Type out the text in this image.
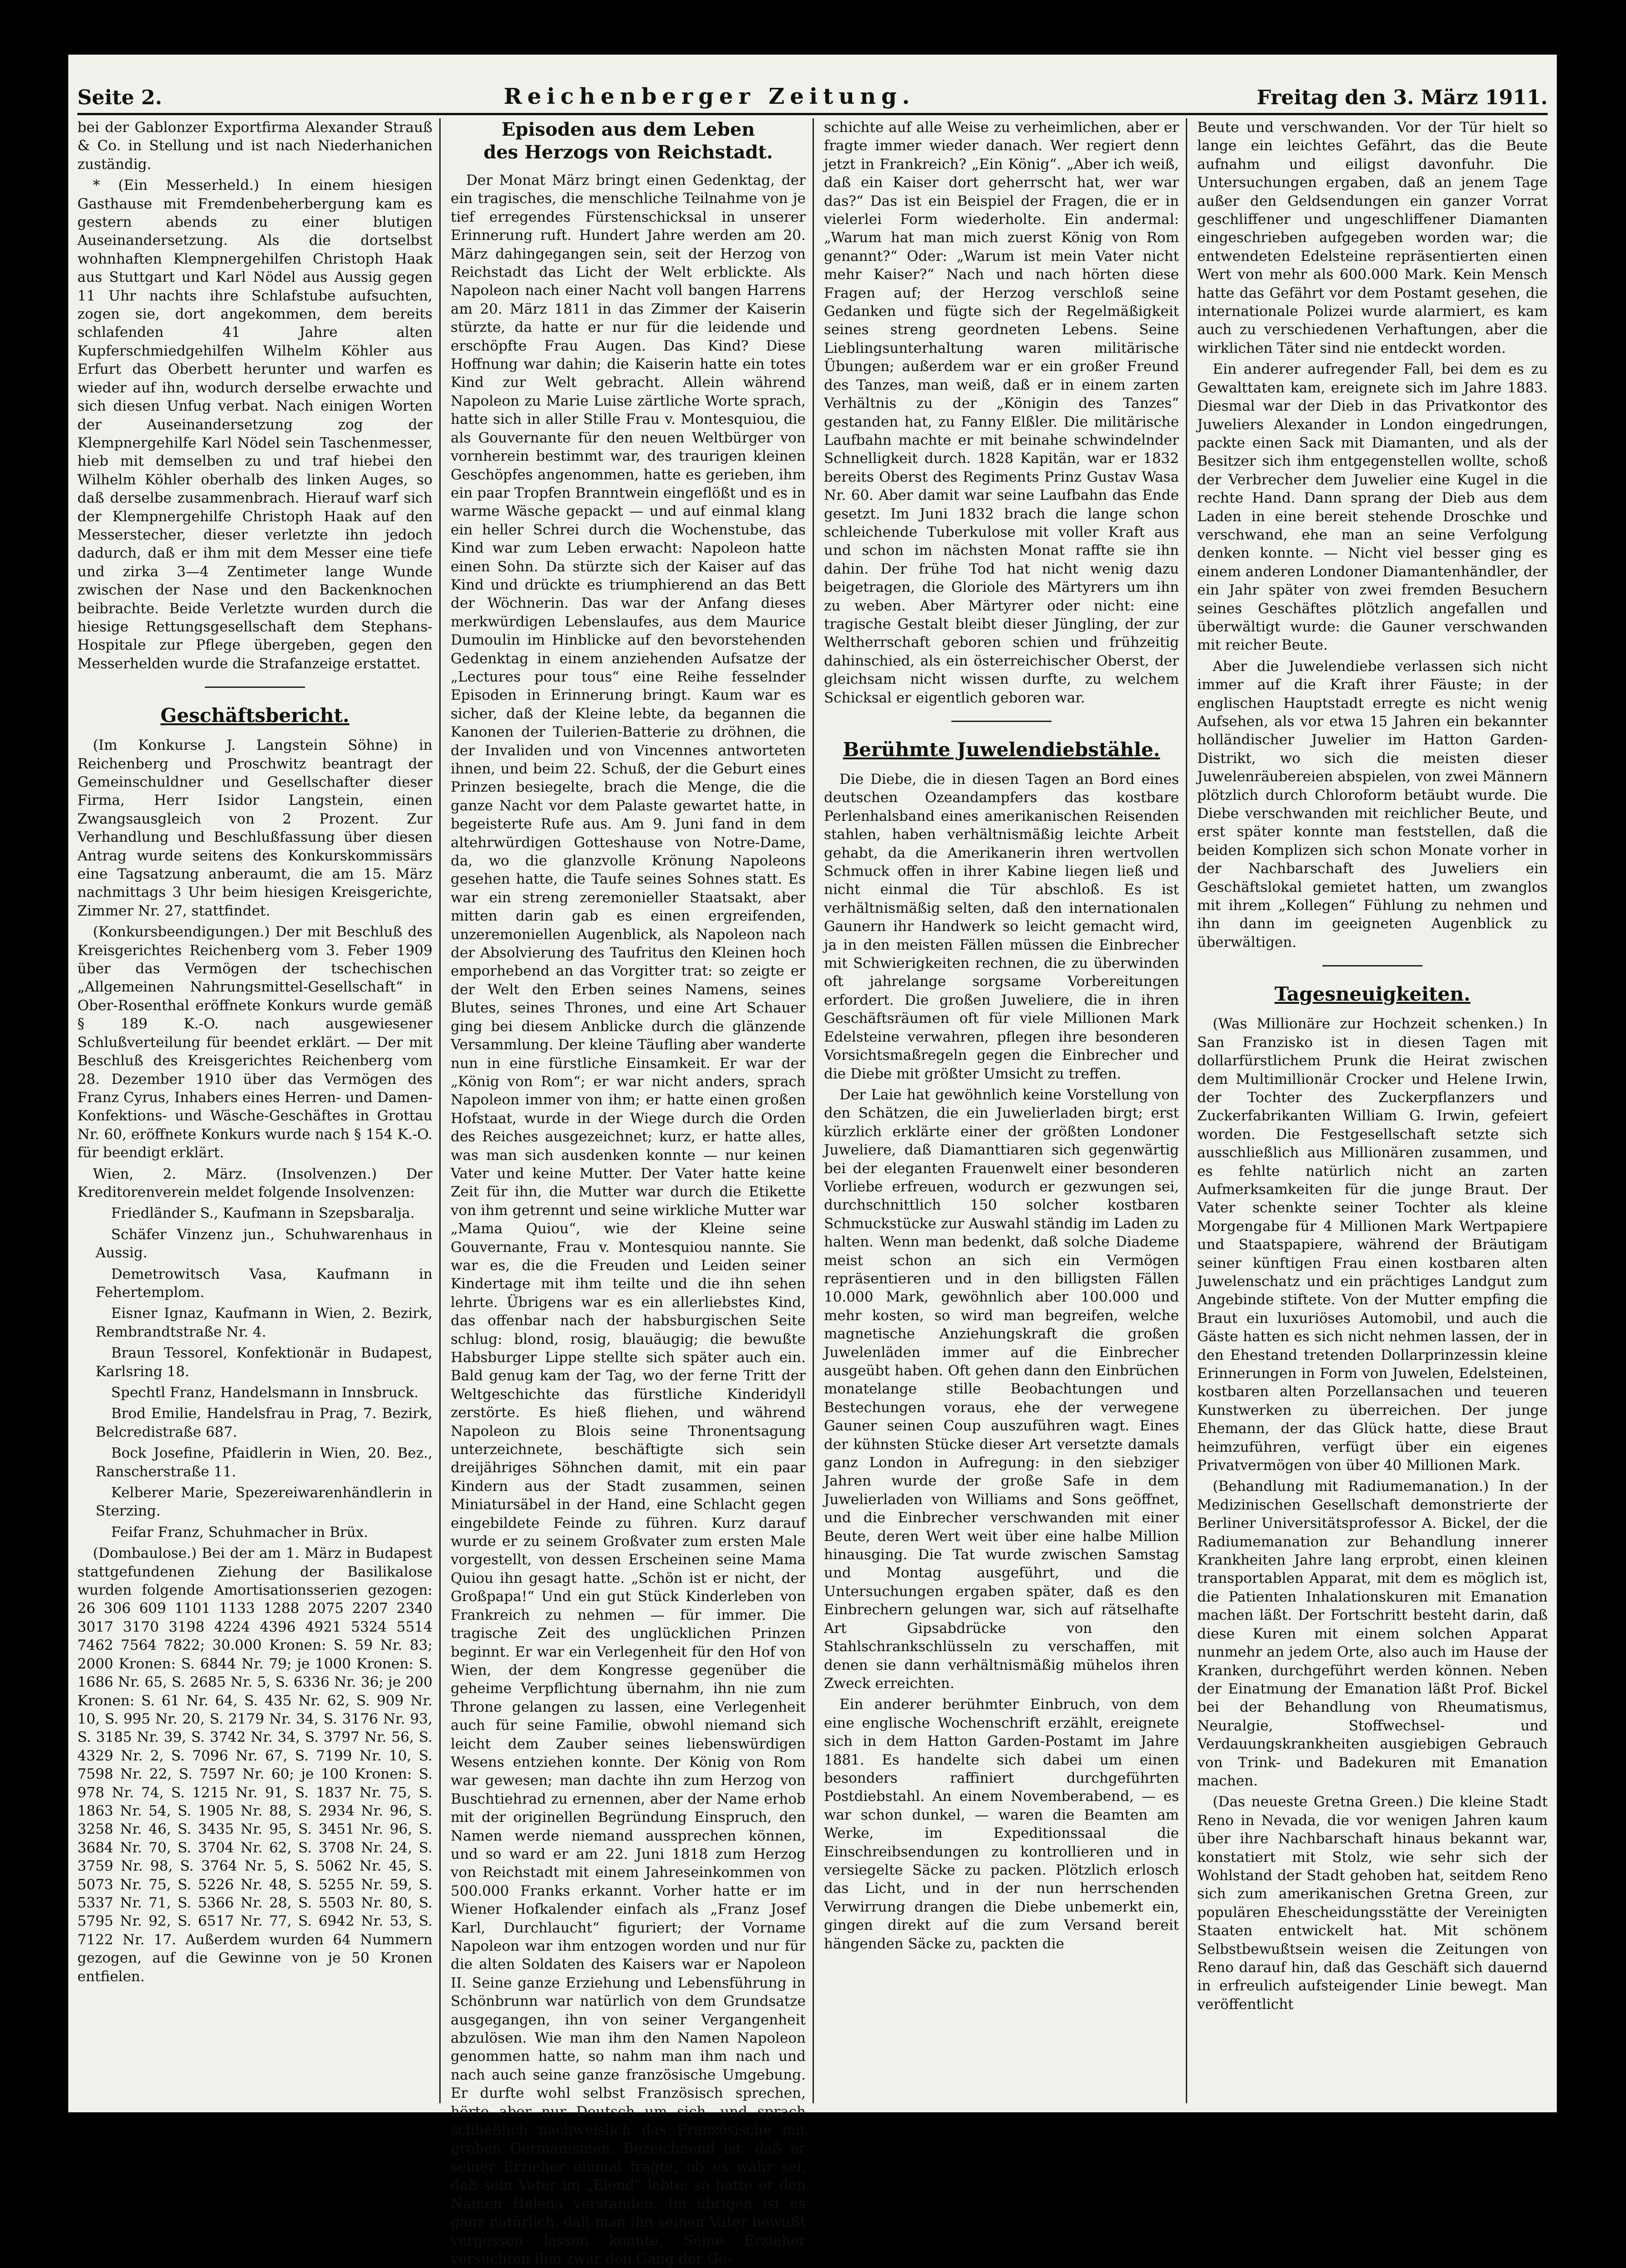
Seite 2.	Reichenberger Zeitung.	Freitag den 3. März 1911.

bei der Gablonzer Exportfirma Alexander Strauß & Co. in Stellung und ist nach Niederhanichen zuständig.

* (Ein Messerheld.) In einem hiesigen Gasthause mit Fremdenbeherbergung kam es gestern abends zu einer blutigen Auseinandersetzung. Als die dortselbst wohnhaften Klempnergehilfen Christoph Haak aus Stuttgart und Karl Nödel aus Aussig gegen 11 Uhr nachts ihre Schlafstube aufsuchten, zogen sie, dort angekommen, dem bereits schlafenden 41 Jahre alten Kupferschmiedgehilfen Wilhelm Köhler aus Erfurt das Oberbett herunter und warfen es wieder auf ihn, wodurch derselbe erwachte und sich diesen Unfug verbat. Nach einigen Worten der Auseinandersetzung zog der Klempnergehilfe Karl Nödel sein Taschenmesser, hieb mit demselben zu und traf hiebei den Wilhelm Köhler oberhalb des linken Auges, so daß derselbe zusammenbrach. Hierauf warf sich der Klempnergehilfe Christoph Haak auf den Messerstecher, dieser verletzte ihn jedoch dadurch, daß er ihm mit dem Messer eine tiefe und zirka 3—4 Zentimeter lange Wunde zwischen der Nase und den Backenknochen beibrachte. Beide Verletzte wurden durch die hiesige Rettungsgesellschaft dem Stephans-Hospitale zur Pflege übergeben, gegen den Messerhelden wurde die Strafanzeige erstattet.

Geschäftsbericht.

(Im Konkurse J. Langstein Söhne) in Reichenberg und Proschwitz beantragt der Gemeinschuldner und Gesellschafter dieser Firma, Herr Isidor Langstein, einen Zwangsausgleich von 2 Prozent. Zur Verhandlung und Beschlußfassung über diesen Antrag wurde seitens des Konkurskommissärs eine Tagsatzung anberaumt, die am 15. März nachmittags 3 Uhr beim hiesigen Kreisgerichte, Zimmer Nr. 27, stattfindet.

(Konkursbeendigungen.) Der mit Beschluß des Kreisgerichtes Reichenberg vom 3. Feber 1909 über das Vermögen der tschechischen „Allgemeinen Nahrungsmittel-Gesellschaft“ in Ober-Rosenthal eröffnete Konkurs wurde gemäß § 189 K.-O. nach ausgewiesener Schlußverteilung für beendet erklärt. — Der mit Beschluß des Kreisgerichtes Reichenberg vom 28. Dezember 1910 über das Vermögen des Franz Cyrus, Inhabers eines Herren- und Damen-Konfektions- und Wäsche-Geschäftes in Grottau Nr. 60, eröffnete Konkurs wurde nach § 154 K.-O. für beendigt erklärt.

Wien, 2. März. (Insolvenzen.) Der Kreditorenverein meldet folgende Insolvenzen:

Friedländer S., Kaufmann in Szepsbaralja.

Schäfer Vinzenz jun., Schuhwarenhaus in Aussig.

Demetrowitsch Vasa, Kaufmann in Fehertemplom.

Eisner Ignaz, Kaufmann in Wien, 2. Bezirk, Rembrandtstraße Nr. 4.

Braun Tessorel, Konfektionär in Budapest, Karlsring 18.

Spechtl Franz, Handelsmann in Innsbruck.

Brod Emilie, Handelsfrau in Prag, 7. Bezirk, Belcredistraße 687.

Bock Josefine, Pfaidlerin in Wien, 20. Bez., Ranscherstraße 11.

Kelberer Marie, Spezereiwarenhändlerin in Sterzing.

Feifar Franz, Schuhmacher in Brüx.

(Dombaulose.) Bei der am 1. März in Budapest stattgefundenen Ziehung der Basilikalose wurden folgende Amortisationsserien gezogen: 26 306 609 1101 1133 1288 2075 2207 2340 3017 3170 3198 4224 4396 4921 5324 5514 7462 7564 7822; 30.000 Kronen: S. 59 Nr. 83; 2000 Kronen: S. 6844 Nr. 79; je 1000 Kronen: S. 1686 Nr. 65, S. 2685 Nr. 5, S. 6336 Nr. 36; je 200 Kronen: S. 61 Nr. 64, S. 435 Nr. 62, S. 909 Nr. 10, S. 995 Nr. 20, S. 2179 Nr. 34, S. 3176 Nr. 93, S. 3185 Nr. 39, S. 3742 Nr. 34, S. 3797 Nr. 56, S. 4329 Nr. 2, S. 7096 Nr. 67, S. 7199 Nr. 10, S. 7598 Nr. 22, S. 7597 Nr. 60; je 100 Kronen: S. 978 Nr. 74, S. 1215 Nr. 91, S. 1837 Nr. 75, S. 1863 Nr. 54, S. 1905 Nr. 88, S. 2934 Nr. 96, S. 3258 Nr. 46, S. 3435 Nr. 95, S. 3451 Nr. 96, S. 3684 Nr. 70, S. 3704 Nr. 62, S. 3708 Nr. 24, S. 3759 Nr. 98, S. 3764 Nr. 5, S. 5062 Nr. 45, S. 5073 Nr. 75, S. 5226 Nr. 48, S. 5255 Nr. 59, S. 5337 Nr. 71, S. 5366 Nr. 28, S. 5503 Nr. 80, S. 5795 Nr. 92, S. 6517 Nr. 77, S. 6942 Nr. 53, S. 7122 Nr. 17. Außerdem wurden 64 Nummern gezogen, auf die Gewinne von je 50 Kronen entfielen.

Episoden aus dem Leben
des Herzogs von Reichstadt.

Der Monat März bringt einen Gedenktag, der ein tragisches, die menschliche Teilnahme von je tief erregendes Fürstenschicksal in unserer Erinnerung ruft. Hundert Jahre werden am 20. März dahingegangen sein, seit der Herzog von Reichstadt das Licht der Welt erblickte. Als Napoleon nach einer Nacht voll bangen Harrens am 20. März 1811 in das Zimmer der Kaiserin stürzte, da hatte er nur für die leidende und erschöpfte Frau Augen. Das Kind? Diese Hoffnung war dahin; die Kaiserin hatte ein totes Kind zur Welt gebracht. Allein während Napoleon zu Marie Luise zärtliche Worte sprach, hatte sich in aller Stille Frau v. Montesquiou, die als Gouvernante für den neuen Weltbürger von vornherein bestimmt war, des traurigen kleinen Geschöpfes angenommen, hatte es gerieben, ihm ein paar Tropfen Branntwein eingeflößt und es in warme Wäsche gepackt — und auf einmal klang ein heller Schrei durch die Wochenstube, das Kind war zum Leben erwacht: Napoleon hatte einen Sohn. Da stürzte sich der Kaiser auf das Kind und drückte es triumphierend an das Bett der Wöchnerin. Das war der Anfang dieses merkwürdigen Lebenslaufes, aus dem Maurice Dumoulin im Hinblicke auf den bevorstehenden Gedenktag in einem anziehenden Aufsatze der „Lectures pour tous“ eine Reihe fesselnder Episoden in Erinnerung bringt. Kaum war es sicher, daß der Kleine lebte, da begannen die Kanonen der Tuilerien-Batterie zu dröhnen, die der Invaliden und von Vincennes antworteten ihnen, und beim 22. Schuß, der die Geburt eines Prinzen besiegelte, brach die Menge, die die ganze Nacht vor dem Palaste gewartet hatte, in begeisterte Rufe aus. Am 9. Juni fand in dem altehrwürdigen Gotteshause von Notre-Dame, da, wo die glanzvolle Krönung Napoleons gesehen hatte, die Taufe seines Sohnes statt. Es war ein streng zeremonieller Staatsakt, aber mitten darin gab es einen ergreifenden, unzeremoniellen Augenblick, als Napoleon nach der Absolvierung des Taufritus den Kleinen hoch emporhebend an das Vorgitter trat: so zeigte er der Welt den Erben seines Namens, seines Blutes, seines Thrones, und eine Art Schauer ging bei diesem Anblicke durch die glänzende Versammlung. Der kleine Täufling aber wanderte nun in eine fürstliche Einsamkeit. Er war der „König von Rom“; er war nicht anders, sprach Napoleon immer von ihm; er hatte einen großen Hofstaat, wurde in der Wiege durch die Orden des Reiches ausgezeichnet; kurz, er hatte alles, was man sich ausdenken konnte — nur keinen Vater und keine Mutter. Der Vater hatte keine Zeit für ihn, die Mutter war durch die Etikette von ihm getrennt und seine wirkliche Mutter war „Mama Quiou“, wie der Kleine seine Gouvernante, Frau v. Montesquiou nannte. Sie war es, die die Freuden und Leiden seiner Kindertage mit ihm teilte und die ihn sehen lehrte. Übrigens war es ein allerliebstes Kind, das offenbar nach der habsburgischen Seite schlug: blond, rosig, blauäugig; die bewußte Habsburger Lippe stellte sich später auch ein. Bald genug kam der Tag, wo der ferne Tritt der Weltgeschichte das fürstliche Kinderidyll zerstörte. Es hieß fliehen, und während Napoleon zu Blois seine Thronentsagung unterzeichnete, beschäftigte sich sein dreijähriges Söhnchen damit, mit ein paar Kindern aus der Stadt zusammen, seinen Miniatursäbel in der Hand, eine Schlacht gegen eingebildete Feinde zu führen. Kurz darauf wurde er zu seinem Großvater zum ersten Male vorgestellt, von dessen Erscheinen seine Mama Quiou ihn gesagt hatte. „Schön ist er nicht, der Großpapa!“ Und ein gut Stück Kinderleben von Frankreich zu nehmen — für immer. Die tragische Zeit des unglücklichen Prinzen beginnt. Er war ein Verlegenheit für den Hof von Wien, der dem Kongresse gegenüber die geheime Verpflichtung übernahm, ihn nie zum Throne gelangen zu lassen, eine Verlegenheit auch für seine Familie, obwohl niemand sich leicht dem Zauber seines liebenswürdigen Wesens entziehen konnte. Der König von Rom war gewesen; man dachte ihn zum Herzog von Buschtiehrad zu ernennen, aber der Name erhob mit der originellen Begründung Einspruch, den Namen werde niemand aussprechen können, und so ward er am 22. Juni 1818 zum Herzog von Reichstadt mit einem Jahreseinkommen von 500.000 Franks erkannt. Vorher hatte er im Wiener Hofkalender einfach als „Franz Josef Karl, Durchlaucht“ figuriert; der Vorname Napoleon war ihm entzogen worden und nur für die alten Soldaten des Kaisers war er Napoleon II. Seine ganze Erziehung und Lebensführung in Schönbrunn war natürlich von dem Grundsatze ausgegangen, ihn von seiner Vergangenheit abzulösen. Wie man ihm den Namen Napoleon genommen hatte, so nahm man ihm nach und nach auch seine ganze französische Umgebung. Er durfte wohl selbst Französisch sprechen, hörte aber nur Deutsch um sich, und sprach schließlich nachweislich das Französische mit groben Germanismen. Bezeichnend ist, daß er seiner Erzieher einmal fragte, ob es wahr sei, daß sein Vater im „Elend“ lebte: so hatte er den Namen Helena verstanden. Im übrigen ist es ganz natürlich, daß man ihn seinen Vater bewußt vergessen lassen konnte. Seine Erzieher versuchten ihm zwar den Gang der Ge-

schichte auf alle Weise zu verheimlichen, aber er fragte immer wieder danach. Wer regiert denn jetzt in Frankreich? „Ein König“. „Aber ich weiß, daß ein Kaiser dort geherrscht hat, wer war das?“ Das ist ein Beispiel der Fragen, die er in vielerlei Form wiederholte. Ein andermal: „Warum hat man mich zuerst König von Rom genannt?“ Oder: „Warum ist mein Vater nicht mehr Kaiser?“ Nach und nach hörten diese Fragen auf; der Herzog verschloß seine Gedanken und fügte sich der Regelmäßigkeit seines streng geordneten Lebens. Seine Lieblingsunterhaltung waren militärische Übungen; außerdem war er ein großer Freund des Tanzes, man weiß, daß er in einem zarten Verhältnis zu der „Königin des Tanzes“ gestanden hat, zu Fanny Elßler. Die militärische Laufbahn machte er mit beinahe schwindelnder Schnelligkeit durch. 1828 Kapitän, war er 1832 bereits Oberst des Regiments Prinz Gustav Wasa Nr. 60. Aber damit war seine Laufbahn das Ende gesetzt. Im Juni 1832 brach die lange schon schleichende Tuberkulose mit voller Kraft aus und schon im nächsten Monat raffte sie ihn dahin. Der frühe Tod hat nicht wenig dazu beigetragen, die Gloriole des Märtyrers um ihn zu weben. Aber Märtyrer oder nicht: eine tragische Gestalt bleibt dieser Jüngling, der zur Weltherrschaft geboren schien und frühzeitig dahinschied, als ein österreichischer Oberst, der gleichsam nicht wissen durfte, zu welchem Schicksal er eigentlich geboren war.

Berühmte Juwelendiebstähle.

Die Diebe, die in diesen Tagen an Bord eines deutschen Ozeandampfers das kostbare Perlenhalsband eines amerikanischen Reisenden stahlen, haben verhältnismäßig leichte Arbeit gehabt, da die Amerikanerin ihren wertvollen Schmuck offen in ihrer Kabine liegen ließ und nicht einmal die Tür abschloß. Es ist verhältnismäßig selten, daß den internationalen Gaunern ihr Handwerk so leicht gemacht wird, ja in den meisten Fällen müssen die Einbrecher mit Schwierigkeiten rechnen, die zu überwinden oft jahrelange sorgsame Vorbereitungen erfordert. Die großen Juweliere, die in ihren Geschäftsräumen oft für viele Millionen Mark Edelsteine verwahren, pflegen ihre besonderen Vorsichtsmaßregeln gegen die Einbrecher und die Diebe mit größter Umsicht zu treffen.

Der Laie hat gewöhnlich keine Vorstellung von den Schätzen, die ein Juwelierladen birgt; erst kürzlich erklärte einer der größten Londoner Juweliere, daß Diamanttiaren sich gegenwärtig bei der eleganten Frauenwelt einer besonderen Vorliebe erfreuen, wodurch er gezwungen sei, durchschnittlich 150 solcher kostbaren Schmuckstücke zur Auswahl ständig im Laden zu halten. Wenn man bedenkt, daß solche Diademe meist schon an sich ein Vermögen repräsentieren und in den billigsten Fällen 10.000 Mark, gewöhnlich aber 100.000 und mehr kosten, so wird man begreifen, welche magnetische Anziehungskraft die großen Juwelenläden immer auf die Einbrecher ausgeübt haben. Oft gehen dann den Einbrüchen monatelange stille Beobachtungen und Bestechungen voraus, ehe der verwegene Gauner seinen Coup auszuführen wagt. Eines der kühnsten Stücke dieser Art versetzte damals ganz London in Aufregung: in den siebziger Jahren wurde der große Safe in dem Juwelierladen von Williams and Sons geöffnet, und die Einbrecher verschwanden mit einer Beute, deren Wert weit über eine halbe Million hinausging. Die Tat wurde zwischen Samstag und Montag ausgeführt, und die Untersuchungen ergaben später, daß es den Einbrechern gelungen war, sich auf rätselhafte Art Gipsabdrücke von den Stahlschrankschlüsseln zu verschaffen, mit denen sie dann verhältnismäßig mühelos ihren Zweck erreichten.

Ein anderer berühmter Einbruch, von dem eine englische Wochenschrift erzählt, ereignete sich in dem Hatton Garden-Postamt im Jahre 1881. Es handelte sich dabei um einen besonders raffiniert durchgeführten Postdiebstahl. An einem Novemberabend, — es war schon dunkel, — waren die Beamten am Werke, im Expeditionssaal die Einschreibsendungen zu kontrollieren und in versiegelte Säcke zu packen. Plötzlich erlosch das Licht, und in der nun herrschenden Verwirrung drangen die Diebe unbemerkt ein, gingen direkt auf die zum Versand bereit hängenden Säcke zu, packten die

Beute und verschwanden. Vor der Tür hielt so lange ein leichtes Gefährt, das die Beute aufnahm und eiligst davonfuhr. Die Untersuchungen ergaben, daß an jenem Tage außer den Geldsendungen ein ganzer Vorrat geschliffener und ungeschliffener Diamanten eingeschrieben aufgegeben worden war; die entwendeten Edelsteine repräsentierten einen Wert von mehr als 600.000 Mark. Kein Mensch hatte das Gefährt vor dem Postamt gesehen, die internationale Polizei wurde alarmiert, es kam auch zu verschiedenen Verhaftungen, aber die wirklichen Täter sind nie entdeckt worden.

Ein anderer aufregender Fall, bei dem es zu Gewalttaten kam, ereignete sich im Jahre 1883. Diesmal war der Dieb in das Privatkontor des Juweliers Alexander in London eingedrungen, packte einen Sack mit Diamanten, und als der Besitzer sich ihm entgegenstellen wollte, schoß der Verbrecher dem Juwelier eine Kugel in die rechte Hand. Dann sprang der Dieb aus dem Laden in eine bereit stehende Droschke und verschwand, ehe man an seine Verfolgung denken konnte. — Nicht viel besser ging es einem anderen Londoner Diamantenhändler, der ein Jahr später von zwei fremden Besuchern seines Geschäftes plötzlich angefallen und überwältigt wurde: die Gauner verschwanden mit reicher Beute.

Aber die Juwelendiebe verlassen sich nicht immer auf die Kraft ihrer Fäuste; in der englischen Hauptstadt erregte es nicht wenig Aufsehen, als vor etwa 15 Jahren ein bekannter holländischer Juwelier im Hatton Garden-Distrikt, wo sich die meisten dieser Juwelenräubereien abspielen, von zwei Männern plötzlich durch Chloroform betäubt wurde. Die Diebe verschwanden mit reichlicher Beute, und erst später konnte man feststellen, daß die beiden Komplizen sich schon Monate vorher in der Nachbarschaft des Juweliers ein Geschäftslokal gemietet hatten, um zwanglos mit ihrem „Kollegen“ Fühlung zu nehmen und ihn dann im geeigneten Augenblick zu überwältigen.

Tagesneuigkeiten.

(Was Millionäre zur Hochzeit schenken.) In San Franzisko ist in diesen Tagen mit dollarfürstlichem Prunk die Heirat zwischen dem Multimillionär Crocker und Helene Irwin, der Tochter des Zuckerpflanzers und Zuckerfabrikanten William G. Irwin, gefeiert worden. Die Festgesellschaft setzte sich ausschließlich aus Millionären zusammen, und es fehlte natürlich nicht an zarten Aufmerksamkeiten für die junge Braut. Der Vater schenkte seiner Tochter als kleine Morgengabe für 4 Millionen Mark Wertpapiere und Staatspapiere, während der Bräutigam seiner künftigen Frau einen kostbaren alten Juwelenschatz und ein prächtiges Landgut zum Angebinde stiftete. Von der Mutter empfing die Braut ein luxuriöses Automobil, und auch die Gäste hatten es sich nicht nehmen lassen, der in den Ehestand tretenden Dollarprinzessin kleine Erinnerungen in Form von Juwelen, Edelsteinen, kostbaren alten Porzellansachen und teueren Kunstwerken zu überreichen. Der junge Ehemann, der das Glück hatte, diese Braut heimzuführen, verfügt über ein eigenes Privatvermögen von über 40 Millionen Mark.

(Behandlung mit Radiumemanation.) In der Medizinischen Gesellschaft demonstrierte der Berliner Universitätsprofessor A. Bickel, der die Radiumemanation zur Behandlung innerer Krankheiten Jahre lang erprobt, einen kleinen transportablen Apparat, mit dem es möglich ist, die Patienten Inhalationskuren mit Emanation machen läßt. Der Fortschritt besteht darin, daß diese Kuren mit einem solchen Apparat nunmehr an jedem Orte, also auch im Hause der Kranken, durchgeführt werden können. Neben der Einatmung der Emanation läßt Prof. Bickel bei der Behandlung von Rheumatismus, Neuralgie, Stoffwechsel- und Verdauungskrankheiten ausgiebigen Gebrauch von Trink- und Badekuren mit Emanation machen.

(Das neueste Gretna Green.) Die kleine Stadt Reno in Nevada, die vor wenigen Jahren kaum über ihre Nachbarschaft hinaus bekannt war, konstatiert mit Stolz, wie sehr sich der Wohlstand der Stadt gehoben hat, seitdem Reno sich zum amerikanischen Gretna Green, zur populären Ehescheidungsstätte der Vereinigten Staaten entwickelt hat. Mit schönem Selbstbewußtsein weisen die Zeitungen von Reno darauf hin, daß das Geschäft sich dauernd in erfreulich aufsteigender Linie bewegt. Man veröffentlicht
